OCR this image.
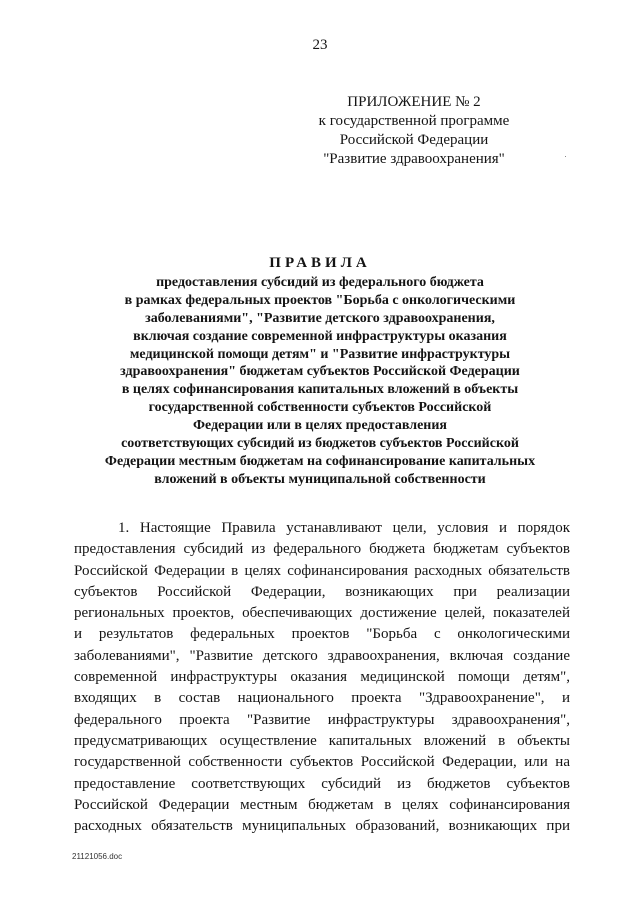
23
ПРИЛОЖЕНИЕ № 2
к государственной программе
Российской Федерации
"Развитие здравоохранения"
ПРАВИЛА
предоставления субсидий из федерального бюджета
в рамках федеральных проектов "Борьба с онкологическими
заболеваниями", "Развитие детского здравоохранения,
включая создание современной инфраструктуры оказания
медицинской помощи детям" и "Развитие инфраструктуры
здравоохранения" бюджетам субъектов Российской Федерации
в целях софинансирования капитальных вложений в объекты
государственной собственности субъектов Российской
Федерации или в целях предоставления
соответствующих субсидий из бюджетов субъектов Российской
Федерации местным бюджетам на софинансирование капитальных
вложений в объекты муниципальной собственности
1. Настоящие Правила устанавливают цели, условия и порядок
предоставления субсидий из федерального бюджета бюджетам субъектов
Российской Федерации в целях софинансирования расходных обязательств
субъектов Российской Федерации, возникающих при реализации
региональных проектов, обеспечивающих достижение целей, показателей
и результатов федеральных проектов "Борьба с онкологическими
заболеваниями", "Развитие детского здравоохранения, включая создание
современной инфраструктуры оказания медицинской помощи детям",
входящих в состав национального проекта "Здравоохранение", и
федерального проекта "Развитие инфраструктуры здравоохранения",
предусматривающих осуществление капитальных вложений в объекты
государственной собственности субъектов Российской Федерации, или на
предоставление соответствующих субсидий из бюджетов субъектов
Российской Федерации местным бюджетам в целях софинансирования
расходных обязательств муниципальных образований, возникающих при
21121056.doc
